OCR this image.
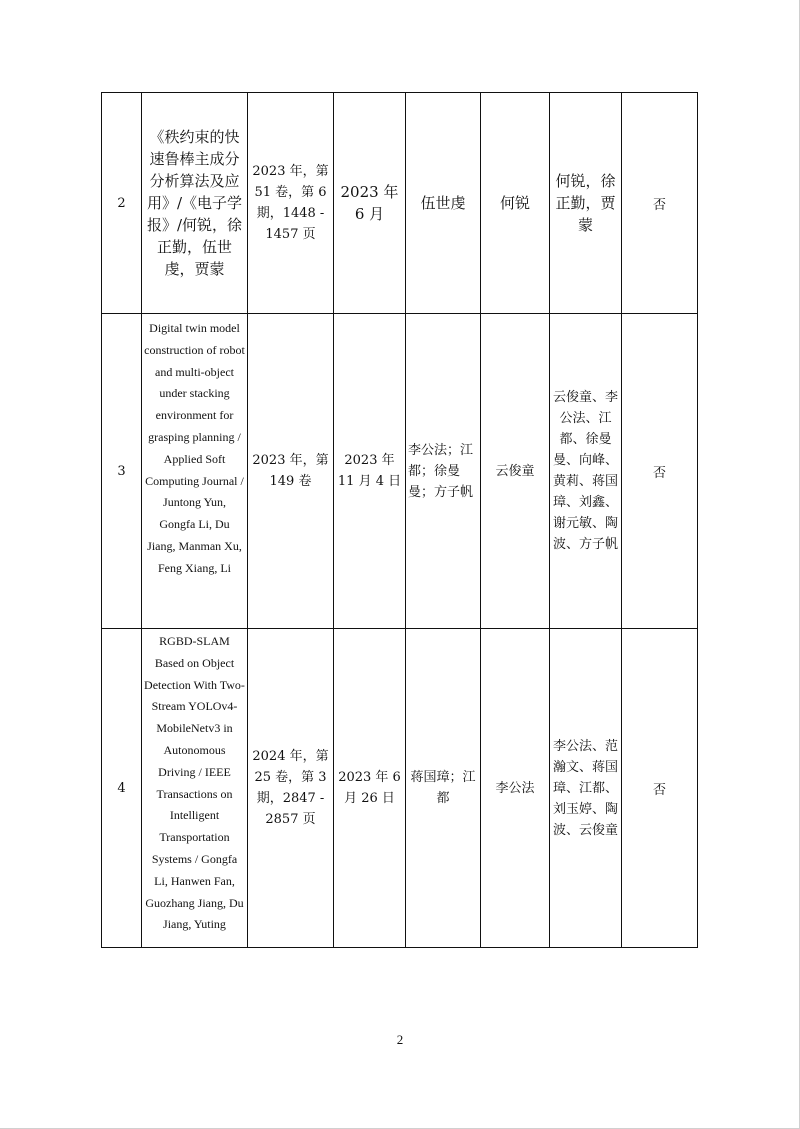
2	《秩约束的快速鲁棒主成分分析算法及应用》/《电子学报》/何锐，徐正勤，伍世虔，贾蒙	2023 年，第 51 卷，第 6 期，1448 - 1457 页	2023 年 6 月	伍世虔	何锐	何锐，徐正勤，贾蒙	否
3	Digital twin model construction of robot and multi-object under stacking environment for grasping planning / Applied Soft Computing Journal / Juntong Yun, Gongfa Li, Du Jiang, Manman Xu, Feng Xiang, Li	2023 年，第 149 卷	2023 年 11 月 4 日	李公法；江都；徐曼曼；方子帆	云俊童	云俊童、李公法、江都、徐曼曼、向峰、黄莉、蒋国璋、刘鑫、谢元敏、陶波、方子帆	否
4	RGBD-SLAM Based on Object Detection With Two-Stream YOLOv4-MobileNetv3 in Autonomous Driving / IEEE Transactions on Intelligent Transportation Systems / Gongfa Li, Hanwen Fan, Guozhang Jiang, Du Jiang, Yuting	2024 年，第 25 卷，第 3 期，2847 - 2857 页	2023 年 6 月 26 日	蒋国璋；江都	李公法	李公法、范瀚文、蒋国璋、江都、刘玉婷、陶波、云俊童	否
2
